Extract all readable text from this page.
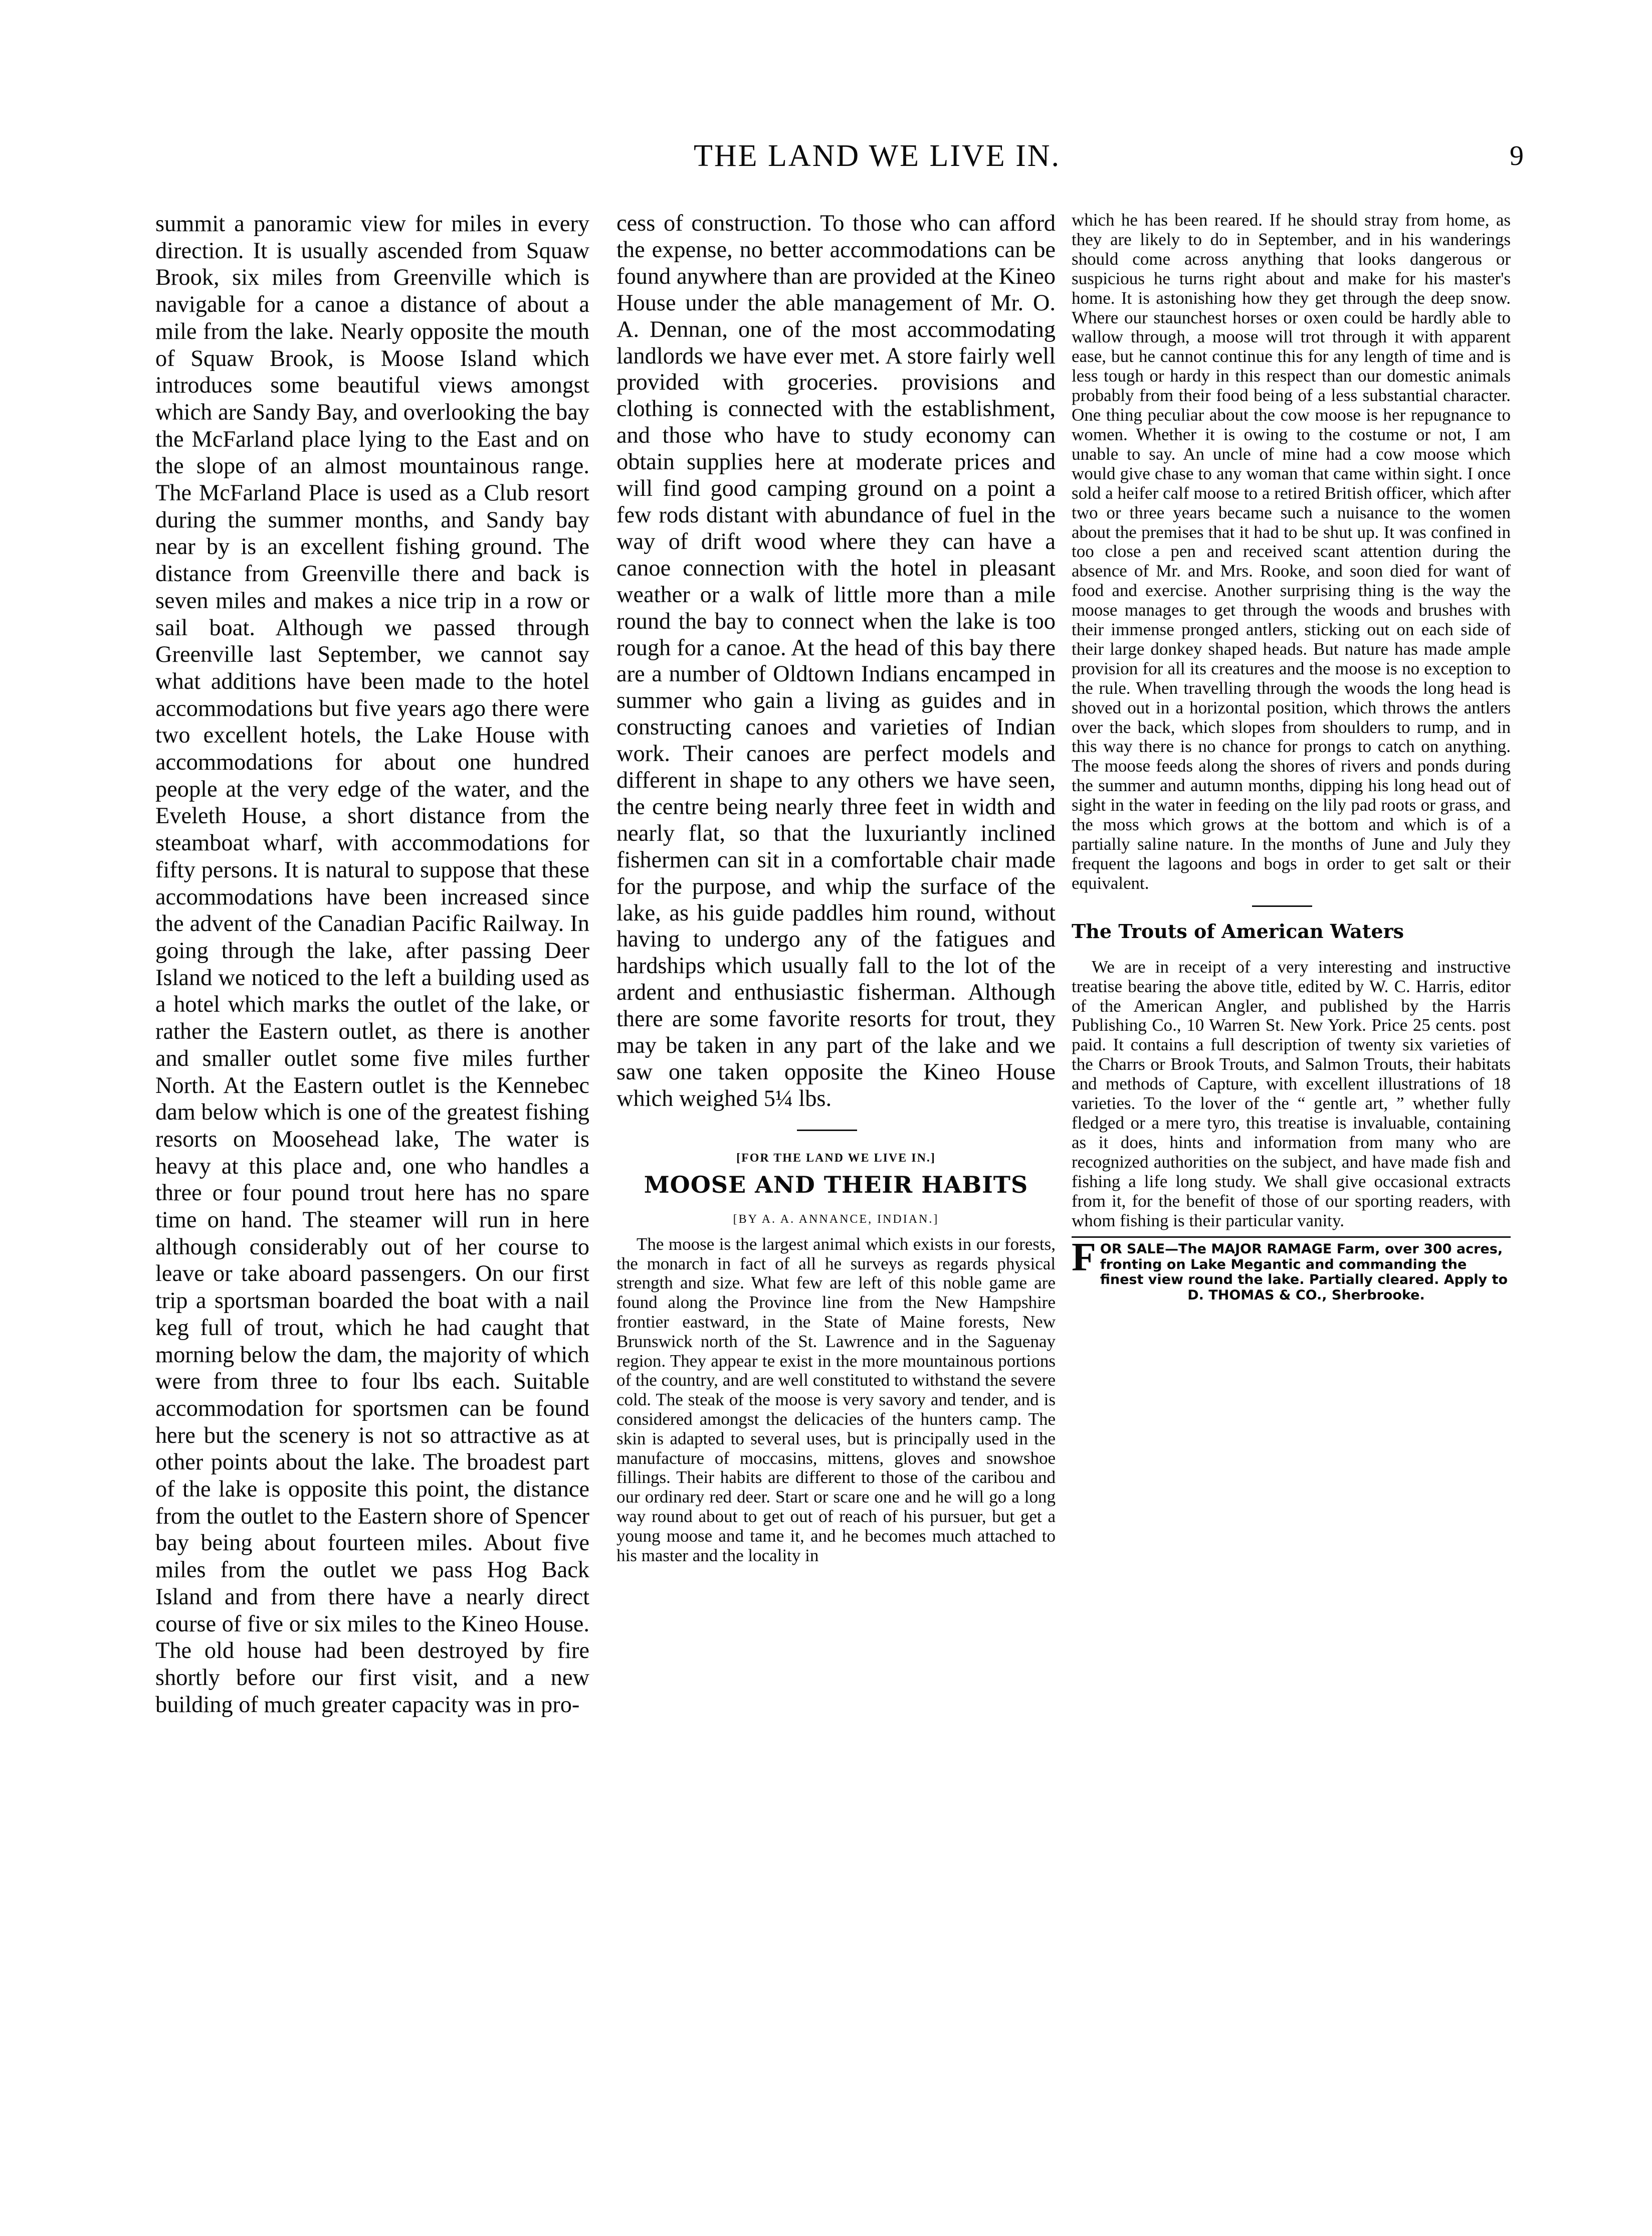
THE LAND WE LIVE IN.	9

summit a panoramic view for miles in every direction. It is usually ascended from Squaw Brook, six miles from Greenville which is navigable for a canoe a distance of about a mile from the lake. Nearly opposite the mouth of Squaw Brook, is Moose Island which introduces some beautiful views amongst which are Sandy Bay, and overlooking the bay the McFarland place lying to the East and on the slope of an almost mountainous range. The McFarland Place is used as a Club resort during the summer months, and Sandy bay near by is an excellent fishing ground. The distance from Greenville there and back is seven miles and makes a nice trip in a row or sail boat. Although we passed through Greenville last September, we cannot say what additions have been made to the hotel accommodations but five years ago there were two excellent hotels, the Lake House with accommodations for about one hundred people at the very edge of the water, and the Eveleth House, a short distance from the steamboat wharf, with accommodations for fifty persons. It is natural to suppose that these accommodations have been increased since the advent of the Canadian Pacific Railway. In going through the lake, after passing Deer Island we noticed to the left a building used as a hotel which marks the outlet of the lake, or rather the Eastern outlet, as there is another and smaller outlet some five miles further North. At the Eastern outlet is the Kennebec dam below which is one of the greatest fishing resorts on Moosehead lake, The water is heavy at this place and, one who handles a three or four pound trout here has no spare time on hand. The steamer will run in here although considerably out of her course to leave or take aboard passengers. On our first trip a sportsman boarded the boat with a nail keg full of trout, which he had caught that morning below the dam, the majority of which were from three to four lbs each. Suitable accommodation for sportsmen can be found here but the scenery is not so attractive as at other points about the lake. The broadest part of the lake is opposite this point, the distance from the outlet to the Eastern shore of Spencer bay being about fourteen miles. About five miles from the outlet we pass Hog Back Island and from there have a nearly direct course of five or six miles to the Kineo House. The old house had been destroyed by fire shortly before our first visit, and a new building of much greater capacity was in pro-

cess of construction. To those who can afford the expense, no better accommodations can be found anywhere than are provided at the Kineo House under the able management of Mr. O. A. Dennan, one of the most accommodating landlords we have ever met. A store fairly well provided with groceries. provisions and clothing is connected with the establishment, and those who have to study economy can obtain supplies here at moderate prices and will find good camping ground on a point a few rods distant with abundance of fuel in the way of drift wood where they can have a canoe connection with the hotel in pleasant weather or a walk of little more than a mile round the bay to connect when the lake is too rough for a canoe. At the head of this bay there are a number of Oldtown Indians encamped in summer who gain a living as guides and in constructing canoes and varieties of Indian work. Their canoes are perfect models and different in shape to any others we have seen, the centre being nearly three feet in width and nearly flat, so that the luxuriantly inclined fishermen can sit in a comfortable chair made for the purpose, and whip the surface of the lake, as his guide paddles him round, without having to undergo any of the fatigues and hardships which usually fall to the lot of the ardent and enthusiastic fisherman. Although there are some favorite resorts for trout, they may be taken in any part of the lake and we saw one taken opposite the Kineo House which weighed 5¼ lbs.

[FOR THE LAND WE LIVE IN.]
MOOSE AND THEIR HABITS
[BY A. A. ANNANCE, INDIAN.]

The moose is the largest animal which exists in our forests, the monarch in fact of all he surveys as regards physical strength and size. What few are left of this noble game are found along the Province line from the New Hampshire frontier eastward, in the State of Maine forests, New Brunswick north of the St. Lawrence and in the Saguenay region. They appear te exist in the more mountainous portions of the country, and are well constituted to withstand the severe cold. The steak of the moose is very savory and tender, and is considered amongst the delicacies of the hunters camp. The skin is adapted to several uses, but is principally used in the manufacture of moccasins, mittens, gloves and snowshoe fillings. Their habits are different to those of the caribou and our ordinary red deer. Start or scare one and he will go a long way round about to get out of reach of his pursuer, but get a young moose and tame it, and he becomes much attached to his master and the locality in

which he has been reared. If he should stray from home, as they are likely to do in September, and in his wanderings should come across anything that looks dangerous or suspicious he turns right about and make for his master's home. It is astonishing how they get through the deep snow. Where our staunchest horses or oxen could be hardly able to wallow through, a moose will trot through it with apparent ease, but he cannot continue this for any length of time and is less tough or hardy in this respect than our domestic animals probably from their food being of a less substantial character. One thing peculiar about the cow moose is her repugnance to women. Whether it is owing to the costume or not, I am unable to say. An uncle of mine had a cow moose which would give chase to any woman that came within sight. I once sold a heifer calf moose to a retired British officer, which after two or three years became such a nuisance to the women about the premises that it had to be shut up. It was confined in too close a pen and received scant attention during the absence of Mr. and Mrs. Rooke, and soon died for want of food and exercise. Another surprising thing is the way the moose manages to get through the woods and brushes with their immense pronged antlers, sticking out on each side of their large donkey shaped heads. But nature has made ample provision for all its creatures and the moose is no exception to the rule. When travelling through the woods the long head is shoved out in a horizontal position, which throws the antlers over the back, which slopes from shoulders to rump, and in this way there is no chance for prongs to catch on anything. The moose feeds along the shores of rivers and ponds during the summer and autumn months, dipping his long head out of sight in the water in feeding on the lily pad roots or grass, and the moss which grows at the bottom and which is of a partially saline nature. In the months of June and July they frequent the lagoons and bogs in order to get salt or their equivalent.

The Trouts of American Waters

We are in receipt of a very interesting and instructive treatise bearing the above title, edited by W. C. Harris, editor of the American Angler, and published by the Harris Publishing Co., 10 Warren St. New York. Price 25 cents. post paid. It contains a full description of twenty six varieties of the Charrs or Brook Trouts, and Salmon Trouts, their habitats and methods of Capture, with excellent illustrations of 18 varieties. To the lover of the “ gentle art, ” whether fully fledged or a mere tyro, this treatise is invaluable, containing as it does, hints and information from many who are recognized authorities on the subject, and have made fish and fishing a life long study. We shall give occasional extracts from it, for the benefit of those of our sporting readers, with whom fishing is their particular vanity.

F OR SALE—The MAJOR RAMAGE Farm, over 300 acres, fronting on Lake Megantic and commanding the finest view round the lake. Partially cleared. Apply to
D. THOMAS & CO., Sherbrooke.
